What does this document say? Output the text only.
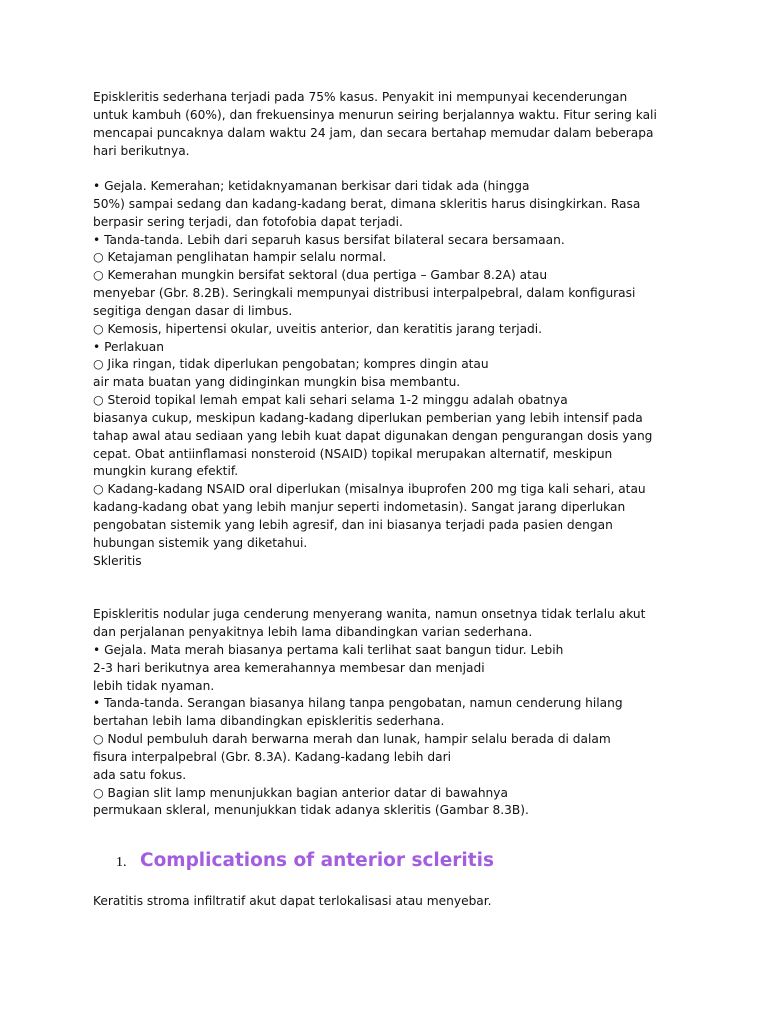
Episkleritis sederhana terjadi pada 75% kasus. Penyakit ini mempunyai kecenderungan
untuk kambuh (60%), dan frekuensinya menurun seiring berjalannya waktu. Fitur sering kali
mencapai puncaknya dalam waktu 24 jam, dan secara bertahap memudar dalam beberapa
hari berikutnya.
• Gejala. Kemerahan; ketidaknyamanan berkisar dari tidak ada (hingga
50%) sampai sedang dan kadang-kadang berat, dimana skleritis harus disingkirkan. Rasa
berpasir sering terjadi, dan fotofobia dapat terjadi.
• Tanda-tanda. Lebih dari separuh kasus bersifat bilateral secara bersamaan.
○ Ketajaman penglihatan hampir selalu normal.
○ Kemerahan mungkin bersifat sektoral (dua pertiga – Gambar 8.2A) atau
menyebar (Gbr. 8.2B). Seringkali mempunyai distribusi interpalpebral, dalam konfigurasi
segitiga dengan dasar di limbus.
○ Kemosis, hipertensi okular, uveitis anterior, dan keratitis jarang terjadi.
• Perlakuan
○ Jika ringan, tidak diperlukan pengobatan; kompres dingin atau
air mata buatan yang didinginkan mungkin bisa membantu.
○ Steroid topikal lemah empat kali sehari selama 1-2 minggu adalah obatnya
biasanya cukup, meskipun kadang-kadang diperlukan pemberian yang lebih intensif pada
tahap awal atau sediaan yang lebih kuat dapat digunakan dengan pengurangan dosis yang
cepat. Obat antiinflamasi nonsteroid (NSAID) topikal merupakan alternatif, meskipun
mungkin kurang efektif.
○ Kadang-kadang NSAID oral diperlukan (misalnya ibuprofen 200 mg tiga kali sehari, atau
kadang-kadang obat yang lebih manjur seperti indometasin). Sangat jarang diperlukan
pengobatan sistemik yang lebih agresif, dan ini biasanya terjadi pada pasien dengan
hubungan sistemik yang diketahui.
Skleritis
Episkleritis nodular juga cenderung menyerang wanita, namun onsetnya tidak terlalu akut
dan perjalanan penyakitnya lebih lama dibandingkan varian sederhana.
• Gejala. Mata merah biasanya pertama kali terlihat saat bangun tidur. Lebih
2-3 hari berikutnya area kemerahannya membesar dan menjadi
lebih tidak nyaman.
• Tanda-tanda. Serangan biasanya hilang tanpa pengobatan, namun cenderung hilang
bertahan lebih lama dibandingkan episkleritis sederhana.
○ Nodul pembuluh darah berwarna merah dan lunak, hampir selalu berada di dalam
fisura interpalpebral (Gbr. 8.3A). Kadang-kadang lebih dari
ada satu fokus.
○ Bagian slit lamp menunjukkan bagian anterior datar di bawahnya
permukaan skleral, menunjukkan tidak adanya skleritis (Gambar 8.3B).
1. Complications of anterior scleritis
Keratitis stroma infiltratif akut dapat terlokalisasi atau menyebar.
